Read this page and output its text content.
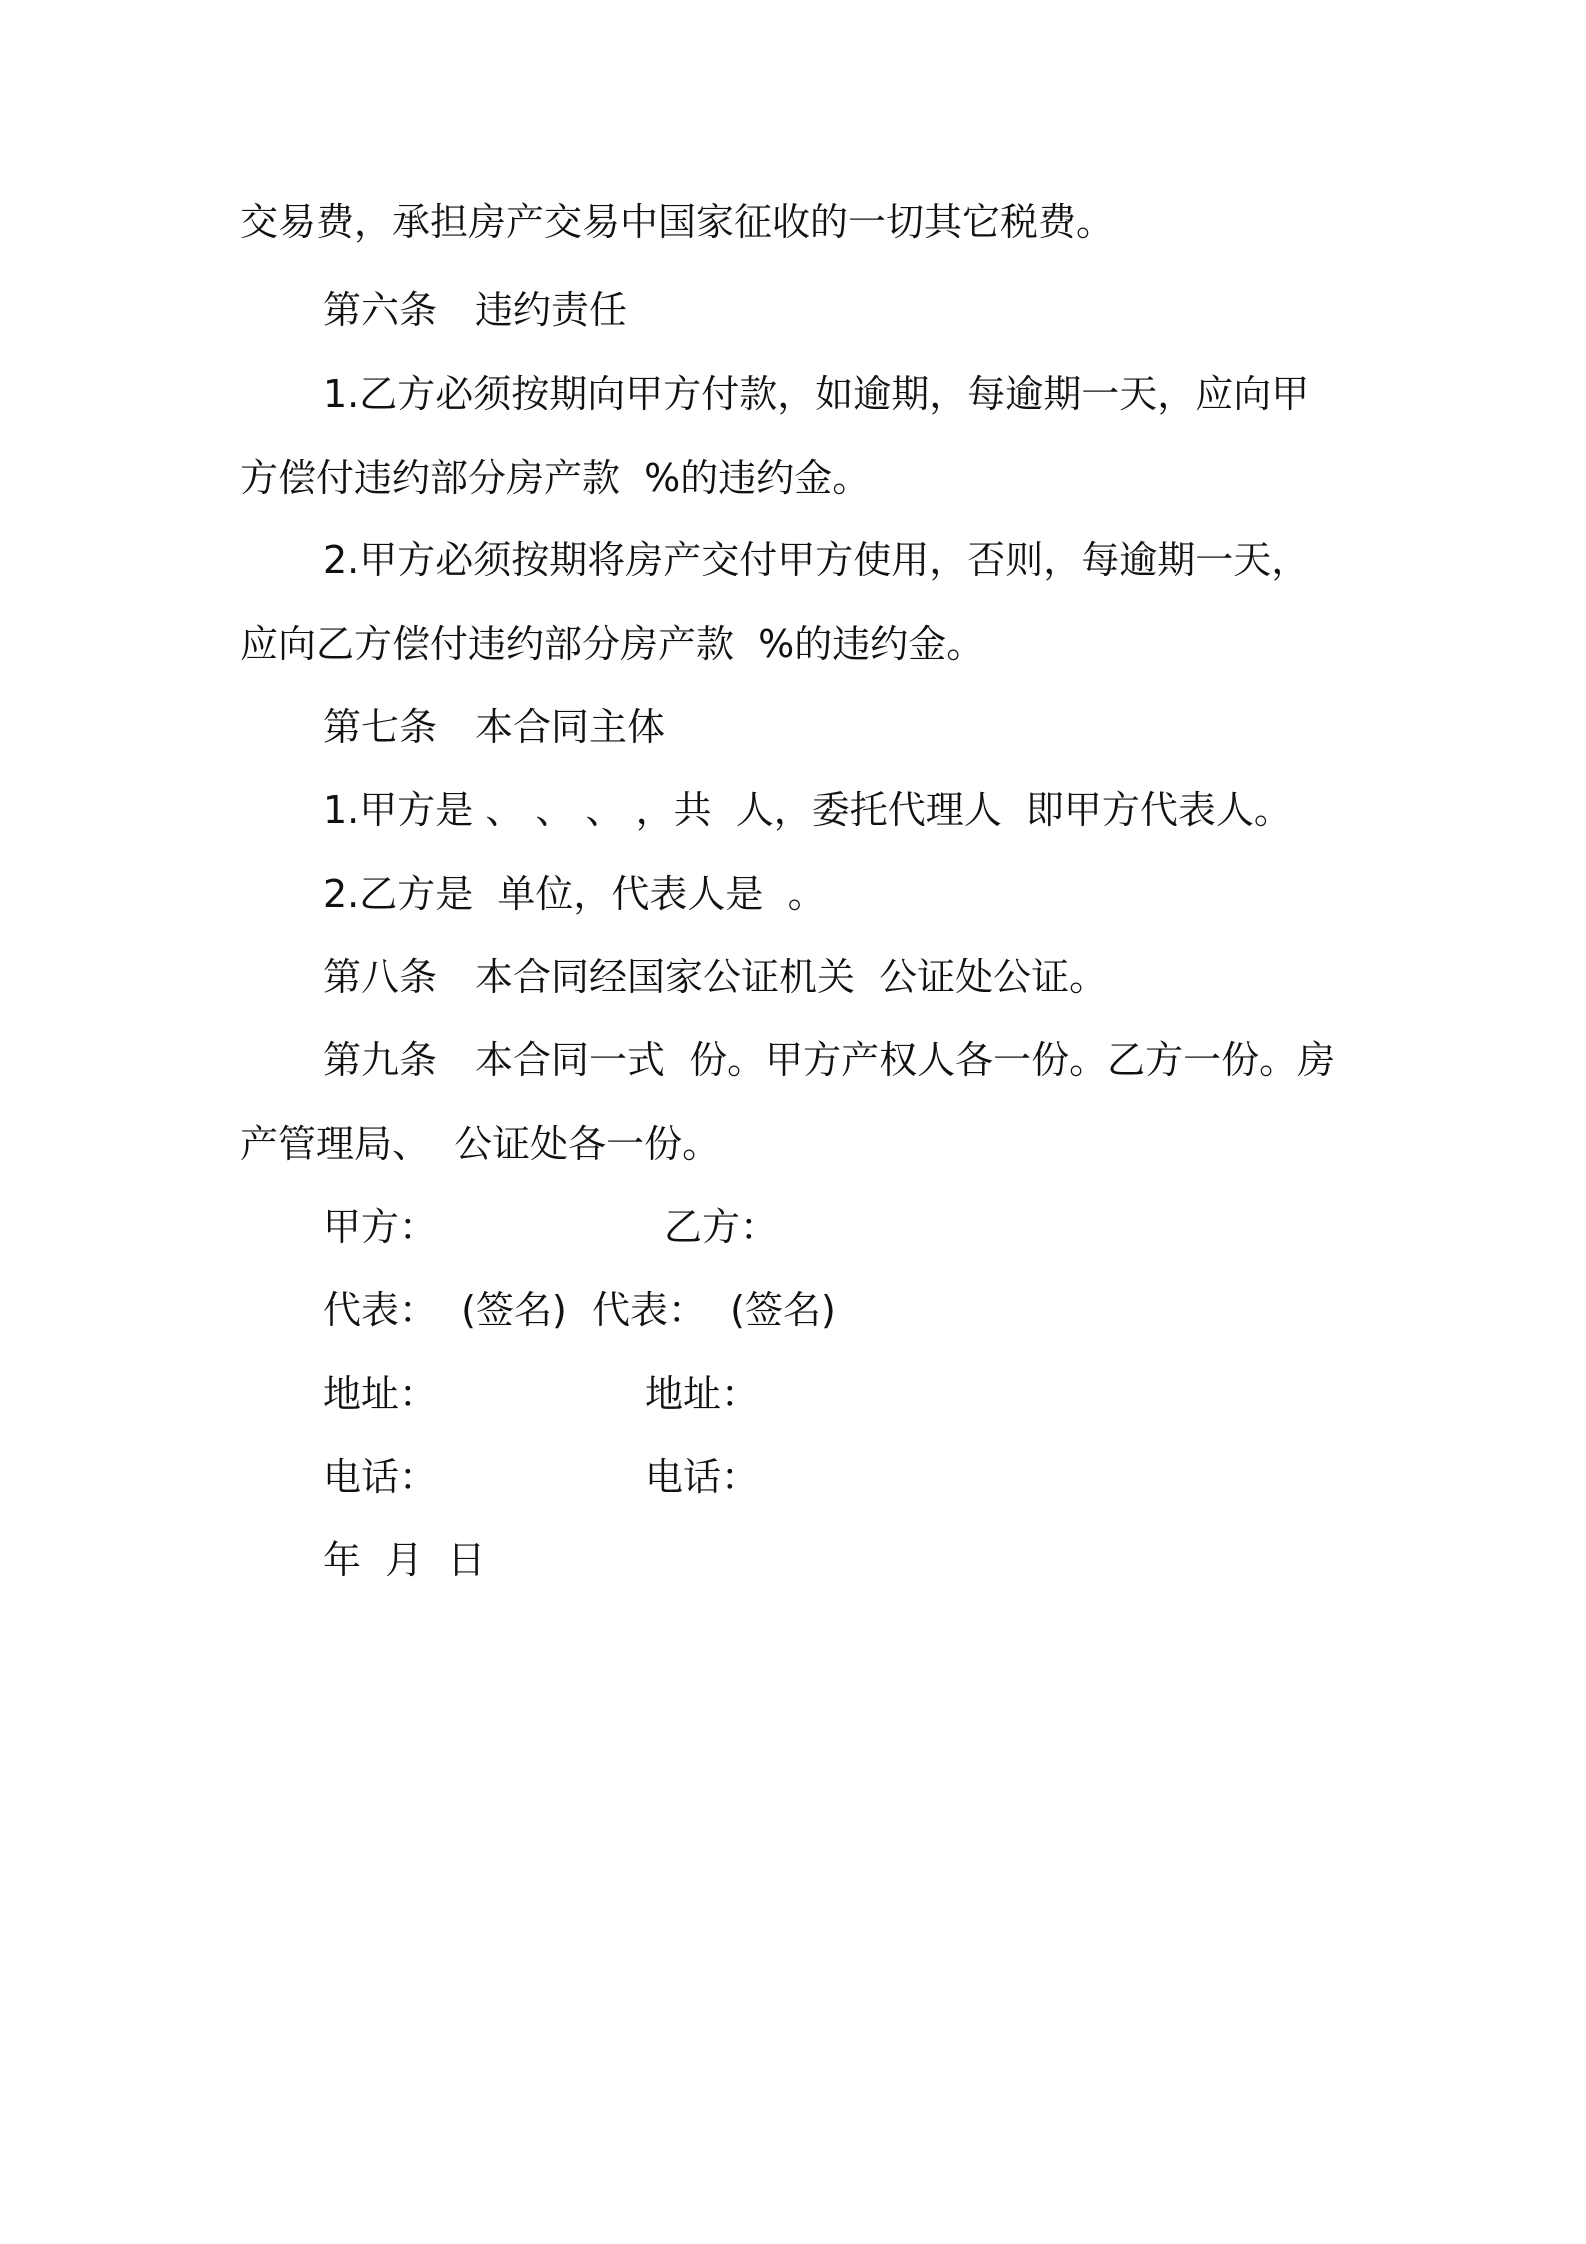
交易费，承担房产交易中国家征收的一切其它税费。
第六条　违约责任
1.乙方必须按期向甲方付款，如逾期，每逾期一天，应向甲
方偿付违约部分房产款  %的违约金。
2.甲方必须按期将房产交付甲方使用，否则，每逾期一天，
应向乙方偿付违约部分房产款  %的违约金。
第七条　本合同主体
1.甲方是 、 、 、 ，共  人，委托代理人  即甲方代表人。
2.乙方是  单位，代表人是  。
第八条　本合同经国家公证机关  公证处公证。
第九条　本合同一式  份。甲方产权人各一份。乙方一份。房
产管理局、  公证处各一份。
甲方：	乙方：
代表：  (签名) 代表：  (签名)
地址：	地址：
电话：	电话：
年  月  日
